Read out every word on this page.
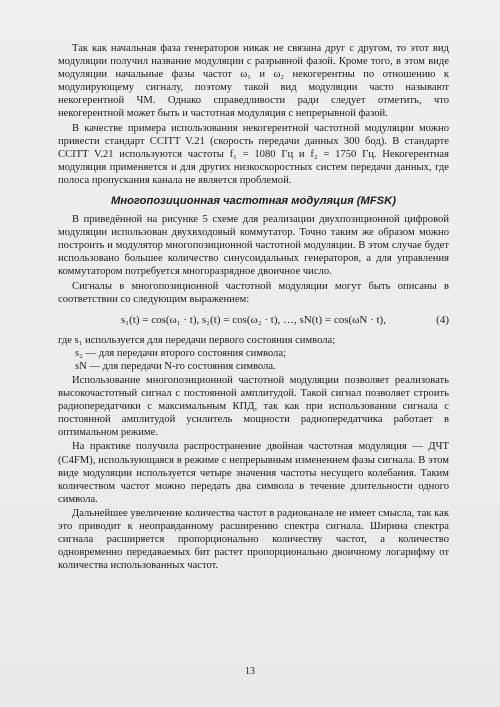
Так как начальная фаза генераторов никак не связана друг с другом, то этот вид модуляции получил название модуляции с разрывной фазой. Кроме того, в этом виде модуляции начальные фазы частот ω₁ и ω₂ некогерентны по отношению к модулирующему сигналу, поэтому такой вид модуляции часто называют некогерентной ЧМ. Однако справедливости ради следует отметить, что некогерентной может быть и частотная модуляция с непрерывной фазой.

В качестве примера использования некогерентной частотной модуляции можно привести стандарт CCITT V.21 (скорость передачи данных 300 бод). В стандарте CCITT V.21 используются частоты f₁ = 1080 Гц и f₂ = 1750 Гц. Некогерентная модуляция применяется и для других низкоскоростных систем передачи данных, где полоса пропускания канала не является проблемой.

Многопозиционная частотная модуляция (MFSK)

В приведённой на рисунке 5 схеме для реализации двухпозиционной цифровой модуляции использован двухвходовый коммутатор. Точно таким же образом можно построить и модулятор многопозиционной частотной модуляции. В этом случае будет использовано большее количество синусоидальных генераторов, а для управления коммутатором потребуется многоразрядное двоичное число.

Сигналы в многопозиционной частотной модуляции могут быть описаны в соответствии со следующим выражением:

s₁(t) = cos(ω₁ · t), s₂(t) = cos(ω₂ · t), …, sN(t) = cos(ωN · t),	(4)
где s₁ используется для передачи первого состояния символа;
s₂ — для передачи второго состояния символа;
sN — для передачи N-го состояния символа.

Использование многопозиционной частотной модуляции позволяет реализовать высокочастотный сигнал с постоянной амплитудой. Такой сигнал позволяет строить радиопередатчики с максимальным КПД, так как при использовании сигнала с постоянной амплитудой усилитель мощности радиопередатчика работает в оптимальном режиме.

На практике получила распространение двойная частотная модуляция — ДЧТ (C4FM), использующаяся в режиме с непрерывным изменением фазы сигнала. В этом виде модуляции используется четыре значения частоты несущего колебания. Таким количеством частот можно передать два символа в течение длительности одного символа.

Дальнейшее увеличение количества частот в радиоканале не имеет смысла, так как это приводит к неоправданному расширению спектра сигнала. Ширина спектра сигнала расширяется пропорционально количеству частот, а количество одновременно передаваемых бит растет пропорционально двоичному логарифму от количества использованных частот.

13
